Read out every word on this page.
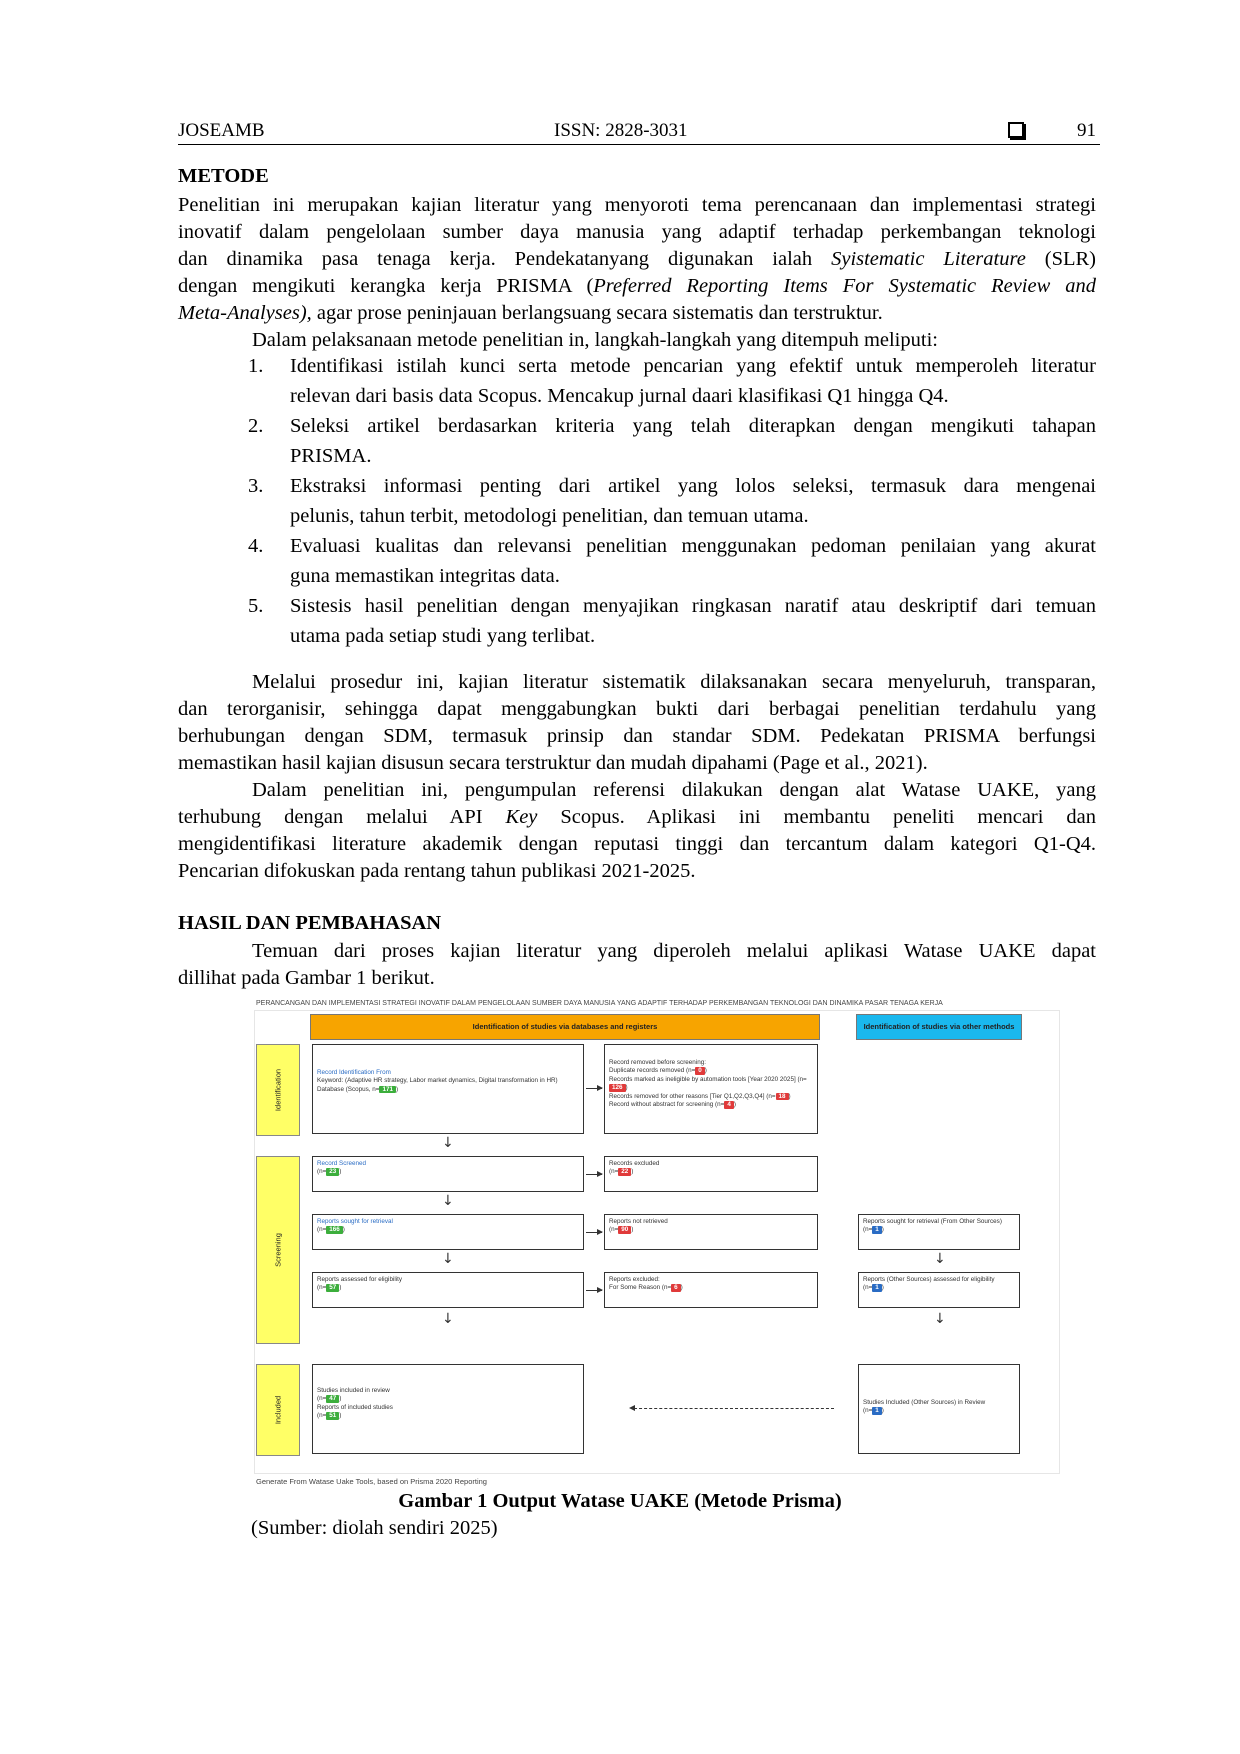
JOSEAMB	ISSN: 2828-3031	91
METODE
Penelitian ini merupakan kajian literatur yang menyoroti tema perencanaan dan implementasi strategi
inovatif dalam pengelolaan sumber daya manusia yang adaptif terhadap perkembangan teknologi
dan dinamika pasa tenaga kerja. Pendekatanyang digunakan ialah Syistematic Literature (SLR)
dengan mengikuti kerangka kerja PRISMA (Preferred Reporting Items For Systematic Review and
Meta-Analyses), agar prose peninjauan berlangsuang secara sistematis dan terstruktur.
Dalam pelaksanaan metode penelitian in, langkah-langkah yang ditempuh meliputi:
1. Identifikasi istilah kunci serta metode pencarian yang efektif untuk memperoleh literatur
relevan dari basis data Scopus. Mencakup jurnal daari klasifikasi Q1 hingga Q4.
2. Seleksi artikel berdasarkan kriteria yang telah diterapkan dengan mengikuti tahapan
PRISMA.
3. Ekstraksi informasi penting dari artikel yang lolos seleksi, termasuk dara mengenai
pelunis, tahun terbit, metodologi penelitian, dan temuan utama.
4. Evaluasi kualitas dan relevansi penelitian menggunakan pedoman penilaian yang akurat
guna memastikan integritas data.
5. Sistesis hasil penelitian dengan menyajikan ringkasan naratif atau deskriptif dari temuan
utama pada setiap studi yang terlibat.
Melalui prosedur ini, kajian literatur sistematik dilaksanakan secara menyeluruh, transparan,
dan terorganisir, sehingga dapat menggabungkan bukti dari berbagai penelitian terdahulu yang
berhubungan dengan SDM, termasuk prinsip dan standar SDM. Pedekatan PRISMA berfungsi
memastikan hasil kajian disusun secara terstruktur dan mudah dipahami (Page et al., 2021).
Dalam penelitian ini, pengumpulan referensi dilakukan dengan alat Watase UAKE, yang
terhubung dengan melalui API Key Scopus. Aplikasi ini membantu peneliti mencari dan
mengidentifikasi literature akademik dengan reputasi tinggi dan tercantum dalam kategori Q1-Q4.
Pencarian difokuskan pada rentang tahun publikasi 2021-2025.
HASIL DAN PEMBAHASAN
Temuan dari proses kajian literatur yang diperoleh melalui aplikasi Watase UAKE dapat
dillihat pada Gambar 1 berikut.
PERANCANGAN DAN IMPLEMENTASI STRATEGI INOVATIF DALAM PENGELOLAAN SUMBER DAYA MANUSIA YANG ADAPTIF TERHADAP PERKEMBANGAN TEKNOLOGI DAN DINAMIKA PASAR TENAGA KERJA
Identification of studies via databases and registers	Identification of studies via other methods
Identification
Screening
Included
Record Identification From
Keyword: (Adaptive HR strategy, Labor market dynamics, Digital transformation in HR)
Database (Scopus, n= 171 )
Record removed before screening:
Duplicate records removed (n= 0 )
Records marked as ineligible by automation tools [Year 2020 2025] (n=126 )
Records removed for other reasons [Tier Q1,Q2,Q3,Q4] (n= 18 )
Record without abstract for screening (n= 4 )
↓
Record Screened
(n= 23 )
Records excluded
(n= 22 )
↓
Reports sought for retrieval
(n= 166 )
Reports not retrieved
(n= 90 )
Reports sought for retrieval (From Other Sources)
(n= 1 )
↓	↓
Reports assessed for eligibility
(n= 57 )
Reports excluded:
For Some Reason (n= 6 )
Reports (Other Sources) assessed for eligibility
(n= 1 )
↓	↓
Studies included in review
(n= 47 )
Reports of included studies
(n= 51 )
Studies Included (Other Sources) in Review
(n= 1 )
Generate From Watase Uake Tools, based on Prisma 2020 Reporting
Gambar 1 Output Watase UAKE (Metode Prisma)
(Sumber: diolah sendiri 2025)
